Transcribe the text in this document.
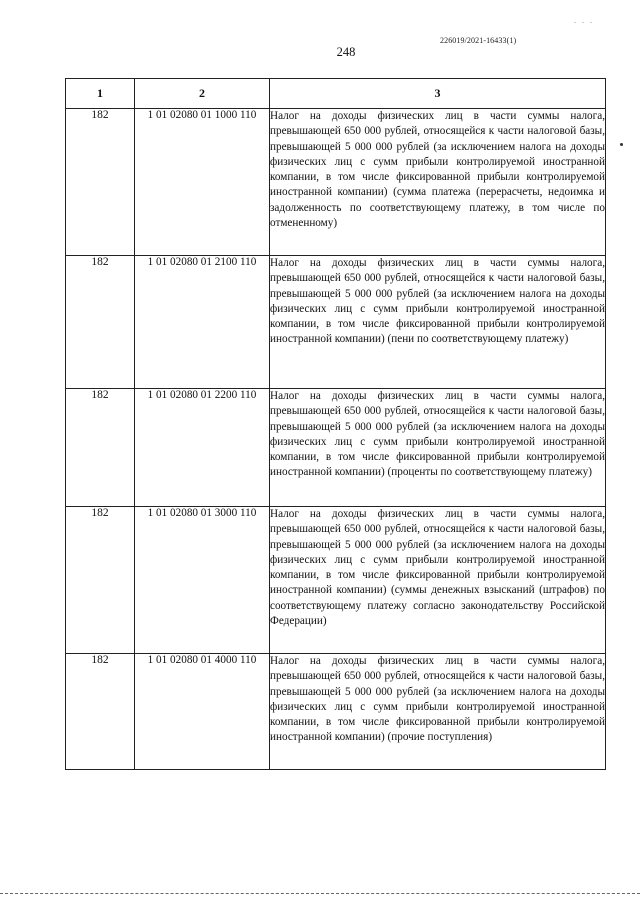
. . .
226019/2021-16433(1)
248
1	2	3
182	1 01 02080 01 1000 110	Налог на доходы физических лиц в части суммы налога, превышающей 650 000 рублей, относящейся к части налоговой базы, превышающей 5 000 000 рублей (за исключением налога на доходы физических лиц с сумм прибыли контролируемой иностранной компании, в том числе фиксированной прибыли контролируемой иностранной компании) (сумма платежа (перерасчеты, недоимка и задолженность по соответствующему платежу, в том числе по отмененному)
182	1 01 02080 01 2100 110	Налог на доходы физических лиц в части суммы налога, превышающей 650 000 рублей, относящейся к части налоговой базы, превышающей 5 000 000 рублей (за исключением налога на доходы физических лиц с сумм прибыли контролируемой иностранной компании, в том числе фиксированной прибыли контролируемой иностранной компании) (пени по соответствующему платежу)
182	1 01 02080 01 2200 110	Налог на доходы физических лиц в части суммы налога, превышающей 650 000 рублей, относящейся к части налоговой базы, превышающей 5 000 000 рублей (за исключением налога на доходы физических лиц с сумм прибыли контролируемой иностранной компании, в том числе фиксированной прибыли контролируемой иностранной компании) (проценты по соответствующему платежу)
182	1 01 02080 01 3000 110	Налог на доходы физических лиц в части суммы налога, превышающей 650 000 рублей, относящейся к части налоговой базы, превышающей 5 000 000 рублей (за исключением налога на доходы физических лиц с сумм прибыли контролируемой иностранной компании, в том числе фиксированной прибыли контролируемой иностранной компании) (суммы денежных взысканий (штрафов) по соответствующему платежу согласно законодательству Российской Федерации)
182	1 01 02080 01 4000 110	Налог на доходы физических лиц в части суммы налога, превышающей 650 000 рублей, относящейся к части налоговой базы, превышающей 5 000 000 рублей (за исключением налога на доходы физических лиц с сумм прибыли контролируемой иностранной компании, в том числе фиксированной прибыли контролируемой иностранной компании) (прочие поступления)
